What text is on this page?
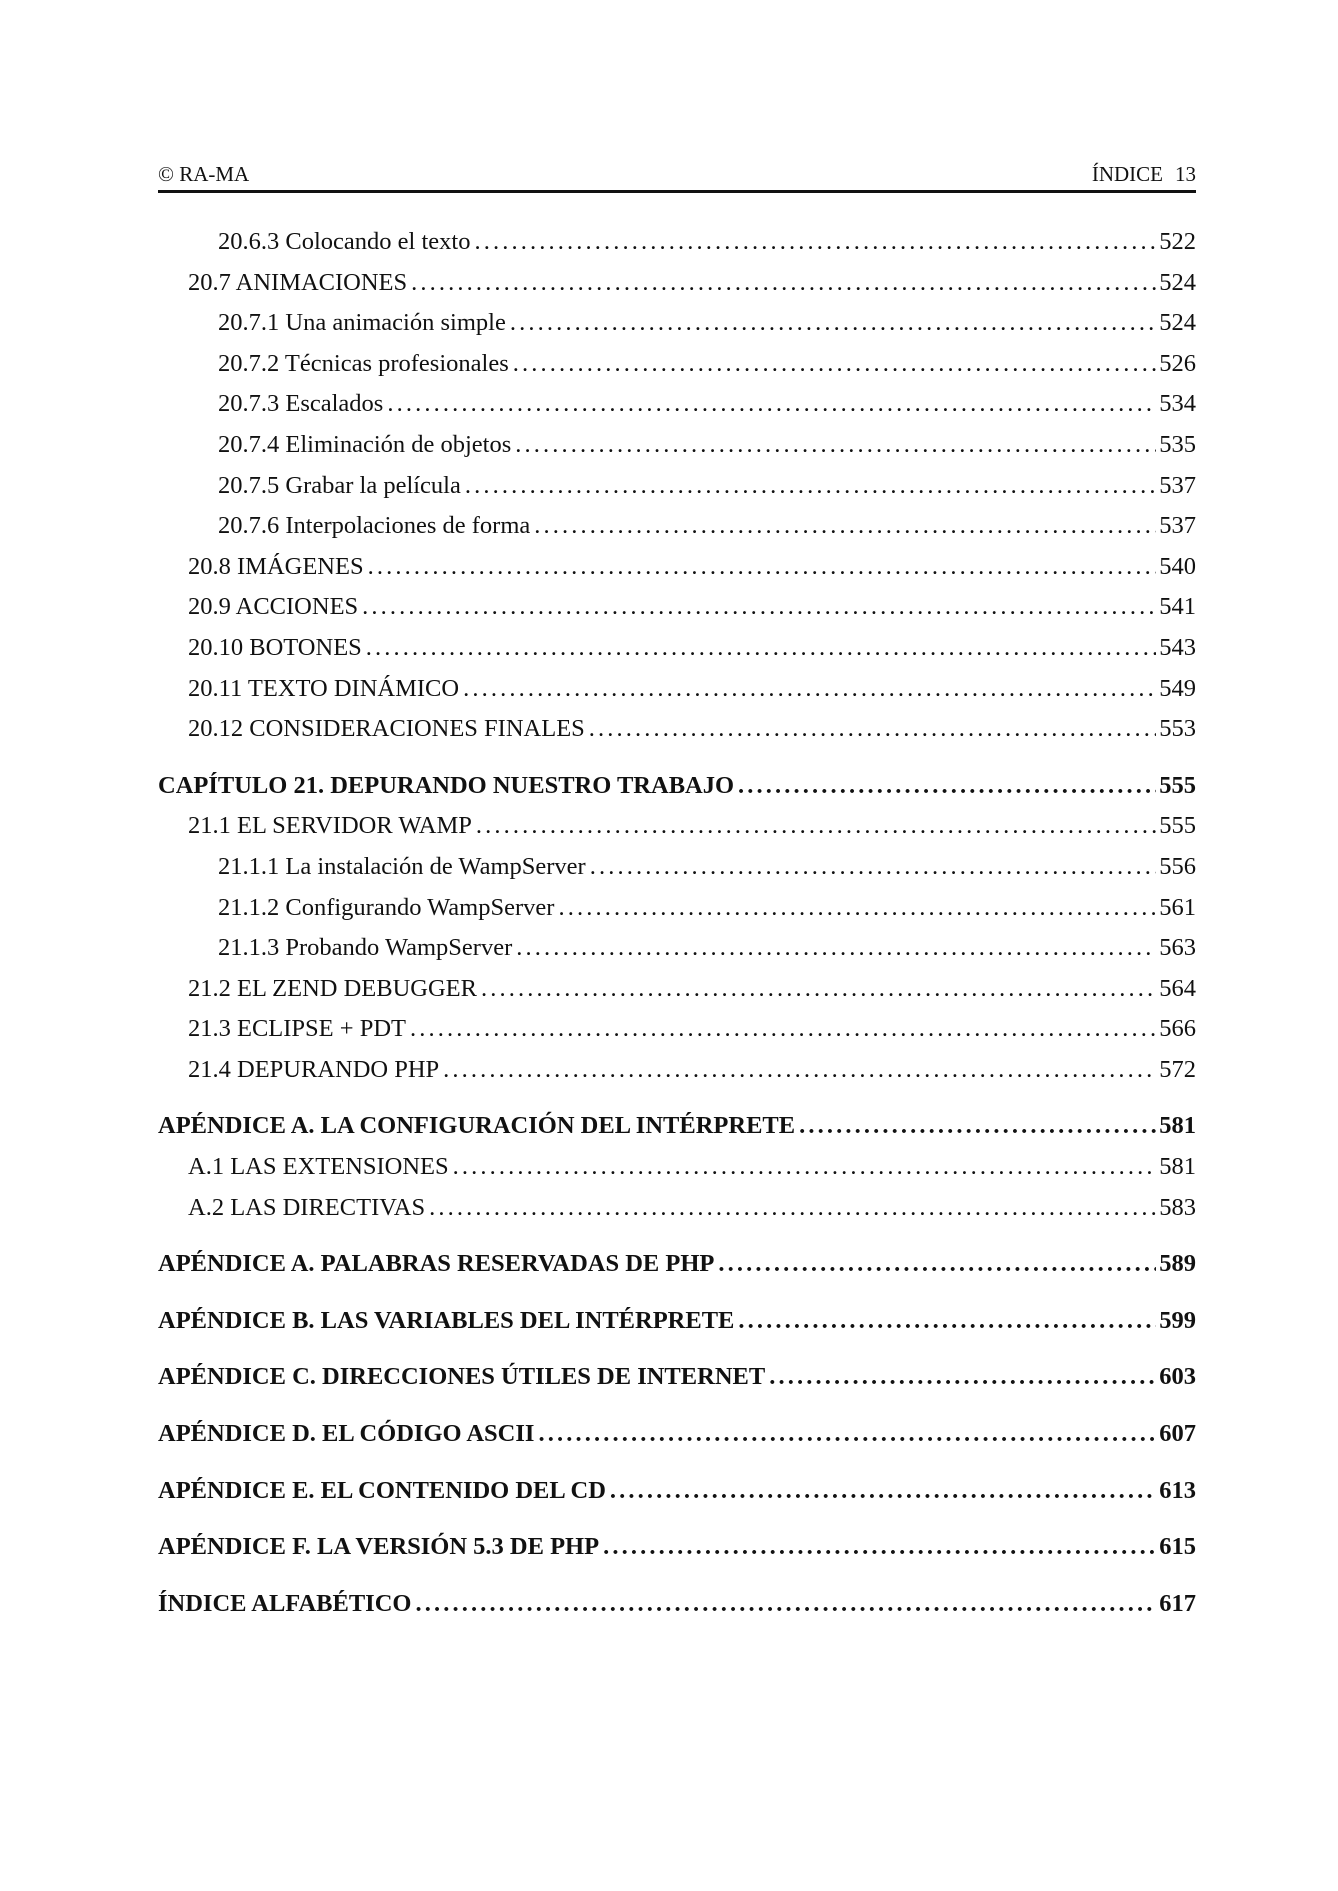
© RA-MA	ÍNDICE 13
20.6.3 Colocando el texto . . .	522
20.7 ANIMACIONES . . .	524
20.7.1 Una animación simple . . .	524
20.7.2 Técnicas profesionales . . .	526
20.7.3 Escalados . . .	534
20.7.4 Eliminación de objetos . . .	535
20.7.5 Grabar la película . . .	537
20.7.6 Interpolaciones de forma . . .	537
20.8 IMÁGENES . . .	540
20.9 ACCIONES . . .	541
20.10 BOTONES . . .	543
20.11 TEXTO DINÁMICO . . .	549
20.12 CONSIDERACIONES FINALES . . .	553
CAPÍTULO 21. DEPURANDO NUESTRO TRABAJO . . .	555
21.1 EL SERVIDOR WAMP . . .	555
21.1.1 La instalación de WampServer . . .	556
21.1.2 Configurando WampServer . . .	561
21.1.3 Probando WampServer . . .	563
21.2 EL ZEND DEBUGGER . . .	564
21.3 ECLIPSE + PDT . . .	566
21.4 DEPURANDO PHP . . .	572
APÉNDICE A. LA CONFIGURACIÓN DEL INTÉRPRETE . . .	581
A.1 LAS EXTENSIONES . . .	581
A.2 LAS DIRECTIVAS . . .	583
APÉNDICE A. PALABRAS RESERVADAS DE PHP . . .	589
APÉNDICE B. LAS VARIABLES DEL INTÉRPRETE . . .	599
APÉNDICE C. DIRECCIONES ÚTILES DE INTERNET . . .	603
APÉNDICE D. EL CÓDIGO ASCII . . .	607
APÉNDICE E. EL CONTENIDO DEL CD . . .	613
APÉNDICE F. LA VERSIÓN 5.3 DE PHP . . .	615
ÍNDICE ALFABÉTICO . . .	617
